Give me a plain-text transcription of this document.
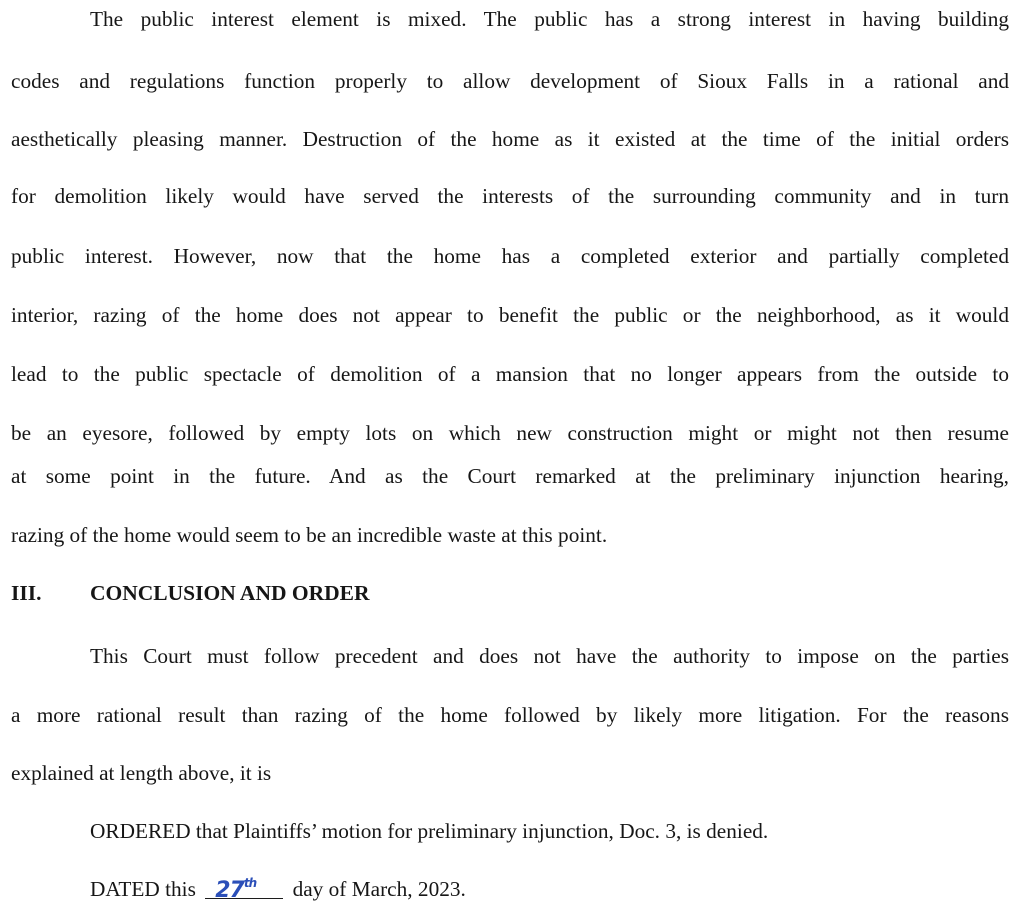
The public interest element is mixed. The public has a strong interest in having building
codes and regulations function properly to allow development of Sioux Falls in a rational and
aesthetically pleasing manner. Destruction of the home as it existed at the time of the initial orders
for demolition likely would have served the interests of the surrounding community and in turn
public interest. However, now that the home has a completed exterior and partially completed
interior, razing of the home does not appear to benefit the public or the neighborhood, as it would
lead to the public spectacle of demolition of a mansion that no longer appears from the outside to
be an eyesore, followed by empty lots on which new construction might or might not then resume
at some point in the future. And as the Court remarked at the preliminary injunction hearing,
razing of the home would seem to be an incredible waste at this point.
III. CONCLUSION AND ORDER
This Court must follow precedent and does not have the authority to impose on the parties
a more rational result than razing of the home followed by likely more litigation. For the reasons
explained at length above, it is
ORDERED that Plaintiffs’ motion for preliminary injunction, Doc. 3, is denied.
DATED this 27th day of March, 2023.
